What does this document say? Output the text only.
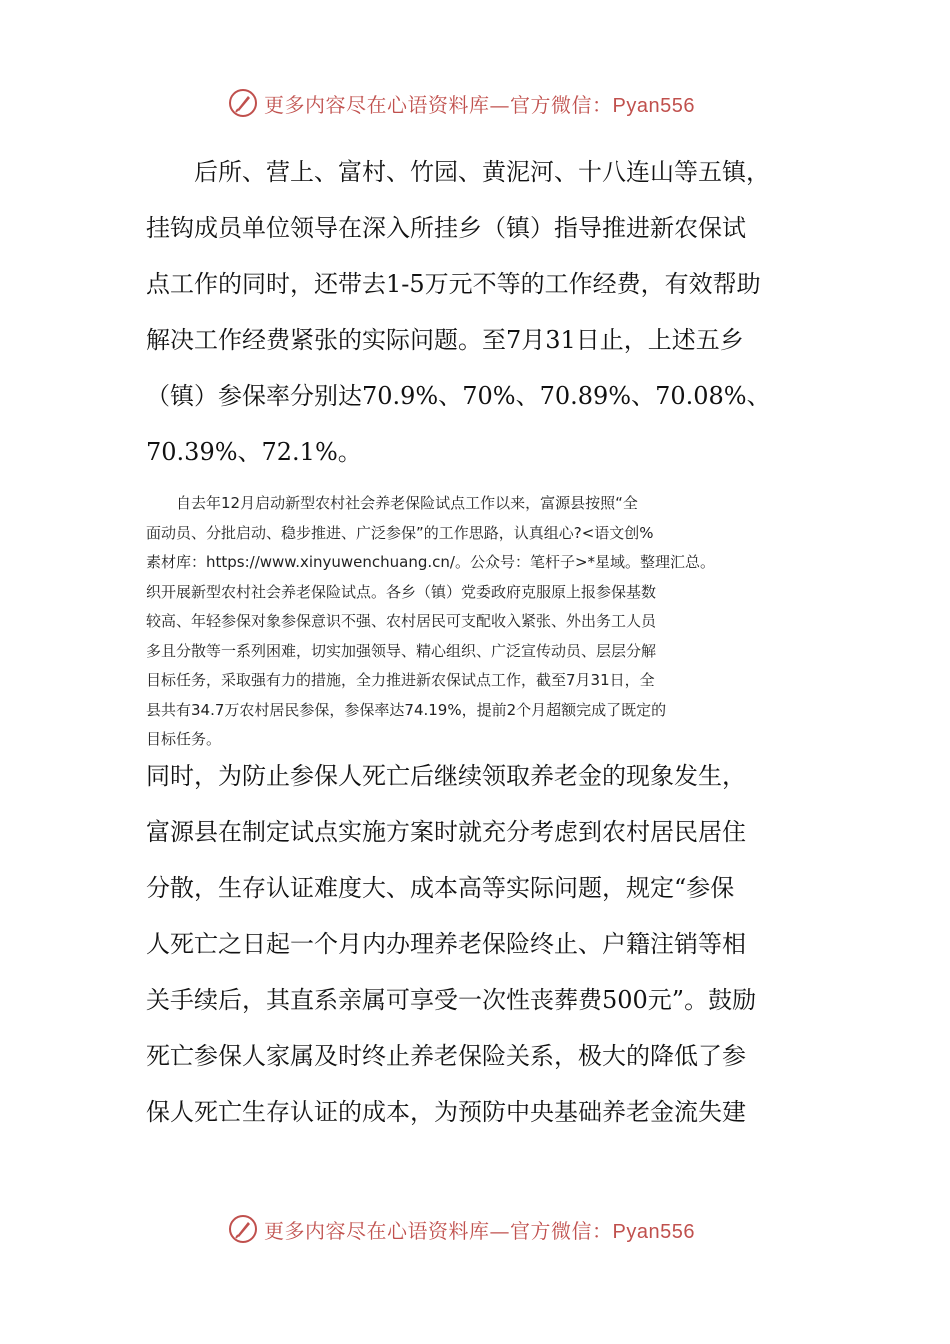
更多内容尽在心语资料库—官方微信：Pyan556
　　后所、营上、富村、竹园、黄泥河、十八连山等五镇，
挂钩成员单位领导在深入所挂乡（镇）指导推进新农保试
点工作的同时，还带去1-5万元不等的工作经费，有效帮助
解决工作经费紧张的实际问题。至7月31日止，上述五乡
（镇）参保率分别达70.9%、70%、70.89%、70.08%、
70.39%、72.1%。
　　自去年12月启动新型农村社会养老保险试点工作以来，富源县按照“全
面动员、分批启动、稳步推进、广泛参保”的工作思路，认真组心?<语文创%
素材库：https://www.xinyuwenchuang.cn/。公众号：笔杆子>*星域。整理汇总。
织开展新型农村社会养老保险试点。各乡（镇）党委政府克服原上报参保基数
较高、年轻参保对象参保意识不强、农村居民可支配收入紧张、外出务工人员
多且分散等一系列困难，切实加强领导、精心组织、广泛宣传动员、层层分解
目标任务，采取强有力的措施，全力推进新农保试点工作，截至7月31日，全
县共有34.7万农村居民参保，参保率达74.19%，提前2个月超额完成了既定的
目标任务。
同时，为防止参保人死亡后继续领取养老金的现象发生，
富源县在制定试点实施方案时就充分考虑到农村居民居住
分散，生存认证难度大、成本高等实际问题，规定“参保
人死亡之日起一个月内办理养老保险终止、户籍注销等相
关手续后，其直系亲属可享受一次性丧葬费500元”。鼓励
死亡参保人家属及时终止养老保险关系，极大的降低了参
保人死亡生存认证的成本，为预防中央基础养老金流失建
更多内容尽在心语资料库—官方微信：Pyan556
